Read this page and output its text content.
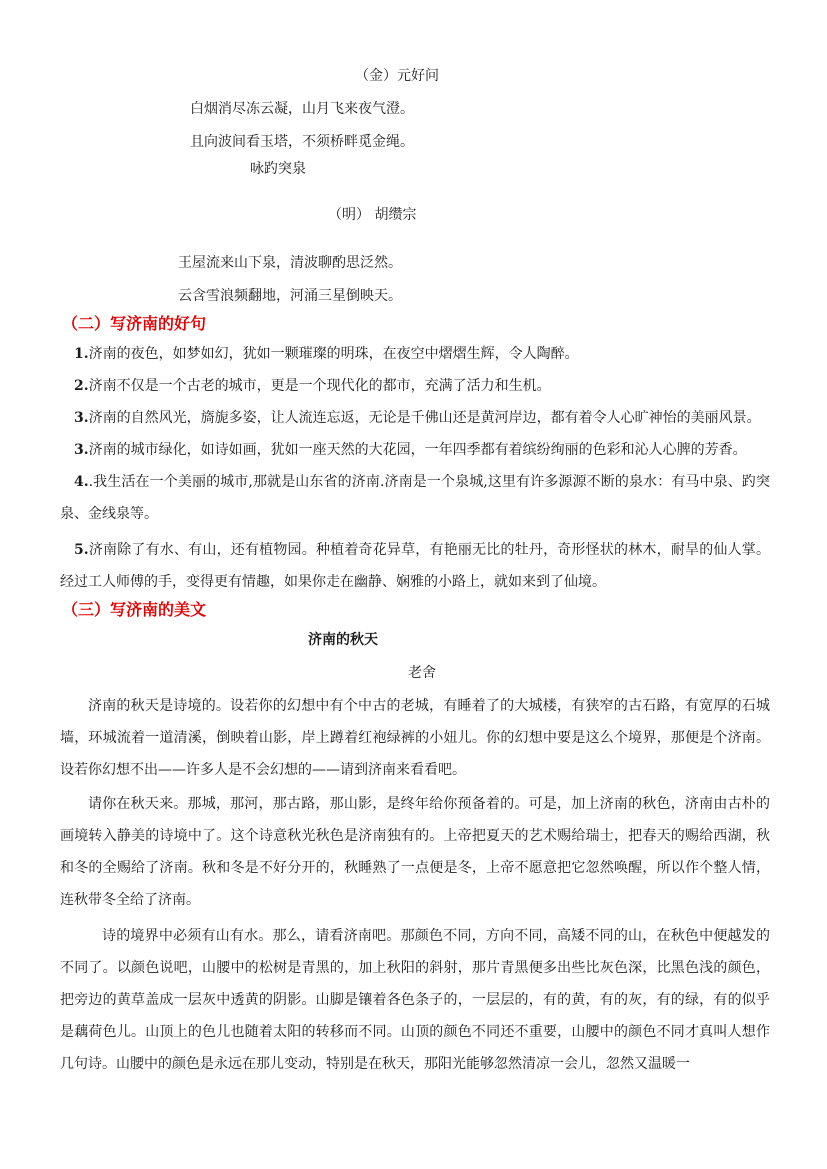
（金）元好问
白烟消尽冻云凝，山月飞来夜气澄。
且向波间看玉塔，不须桥畔觅金绳。
咏趵突泉
（明） 胡缵宗
王屋流来山下泉，清波聊酌思泛然。
云含雪浪频翻地，河涌三星倒映天。
（二）写济南的好句
1.济南的夜色，如梦如幻，犹如一颗璀璨的明珠，在夜空中熠熠生辉，令人陶醉。
2.济南不仅是一个古老的城市，更是一个现代化的都市，充满了活力和生机。
3.济南的自然风光，旖旎多姿，让人流连忘返，无论是千佛山还是黄河岸边，都有着令人心旷神怡的美丽风景。
3.济南的城市绿化，如诗如画，犹如一座天然的大花园，一年四季都有着缤纷绚丽的色彩和沁人心脾的芳香。
4..我生活在一个美丽的城市,那就是山东省的济南.济南是一个泉城,这里有许多源源不断的泉水：有马中泉、趵突泉、金线泉等。
5.济南除了有水、有山，还有植物园。种植着奇花异草，有艳丽无比的牡丹，奇形怪状的林木，耐旱的仙人掌。经过工人师傅的手，变得更有情趣，如果你走在幽静、娴雅的小路上，就如来到了仙境。
（三）写济南的美文
济南的秋天
老舍
济南的秋天是诗境的。设若你的幻想中有个中古的老城，有睡着了的大城楼，有狭窄的古石路，有宽厚的石城墙，环城流着一道清溪，倒映着山影，岸上蹲着红袍绿裤的小妞儿。你的幻想中要是这么个境界，那便是个济南。设若你幻想不出——许多人是不会幻想的——请到济南来看看吧。
请你在秋天来。那城，那河，那古路，那山影，是终年给你预备着的。可是，加上济南的秋色，济南由古朴的画境转入静美的诗境中了。这个诗意秋光秋色是济南独有的。上帝把夏天的艺术赐给瑞士，把春天的赐给西湖，秋和冬的全赐给了济南。秋和冬是不好分开的，秋睡熟了一点便是冬，上帝不愿意把它忽然唤醒，所以作个整人情，连秋带冬全给了济南。
诗的境界中必须有山有水。那么，请看济南吧。那颜色不同，方向不同，高矮不同的山，在秋色中便越发的不同了。以颜色说吧，山腰中的松树是青黑的，加上秋阳的斜射，那片青黑便多出些比灰色深，比黑色浅的颜色，把旁边的黄草盖成一层灰中透黄的阴影。山脚是镶着各色条子的，一层层的，有的黄，有的灰，有的绿，有的似乎是藕荷色儿。山顶上的色儿也随着太阳的转移而不同。山顶的颜色不同还不重要，山腰中的颜色不同才真叫人想作几句诗。山腰中的颜色是永远在那儿变动，特别是在秋天，那阳光能够忽然清凉一会儿，忽然又温暖一
